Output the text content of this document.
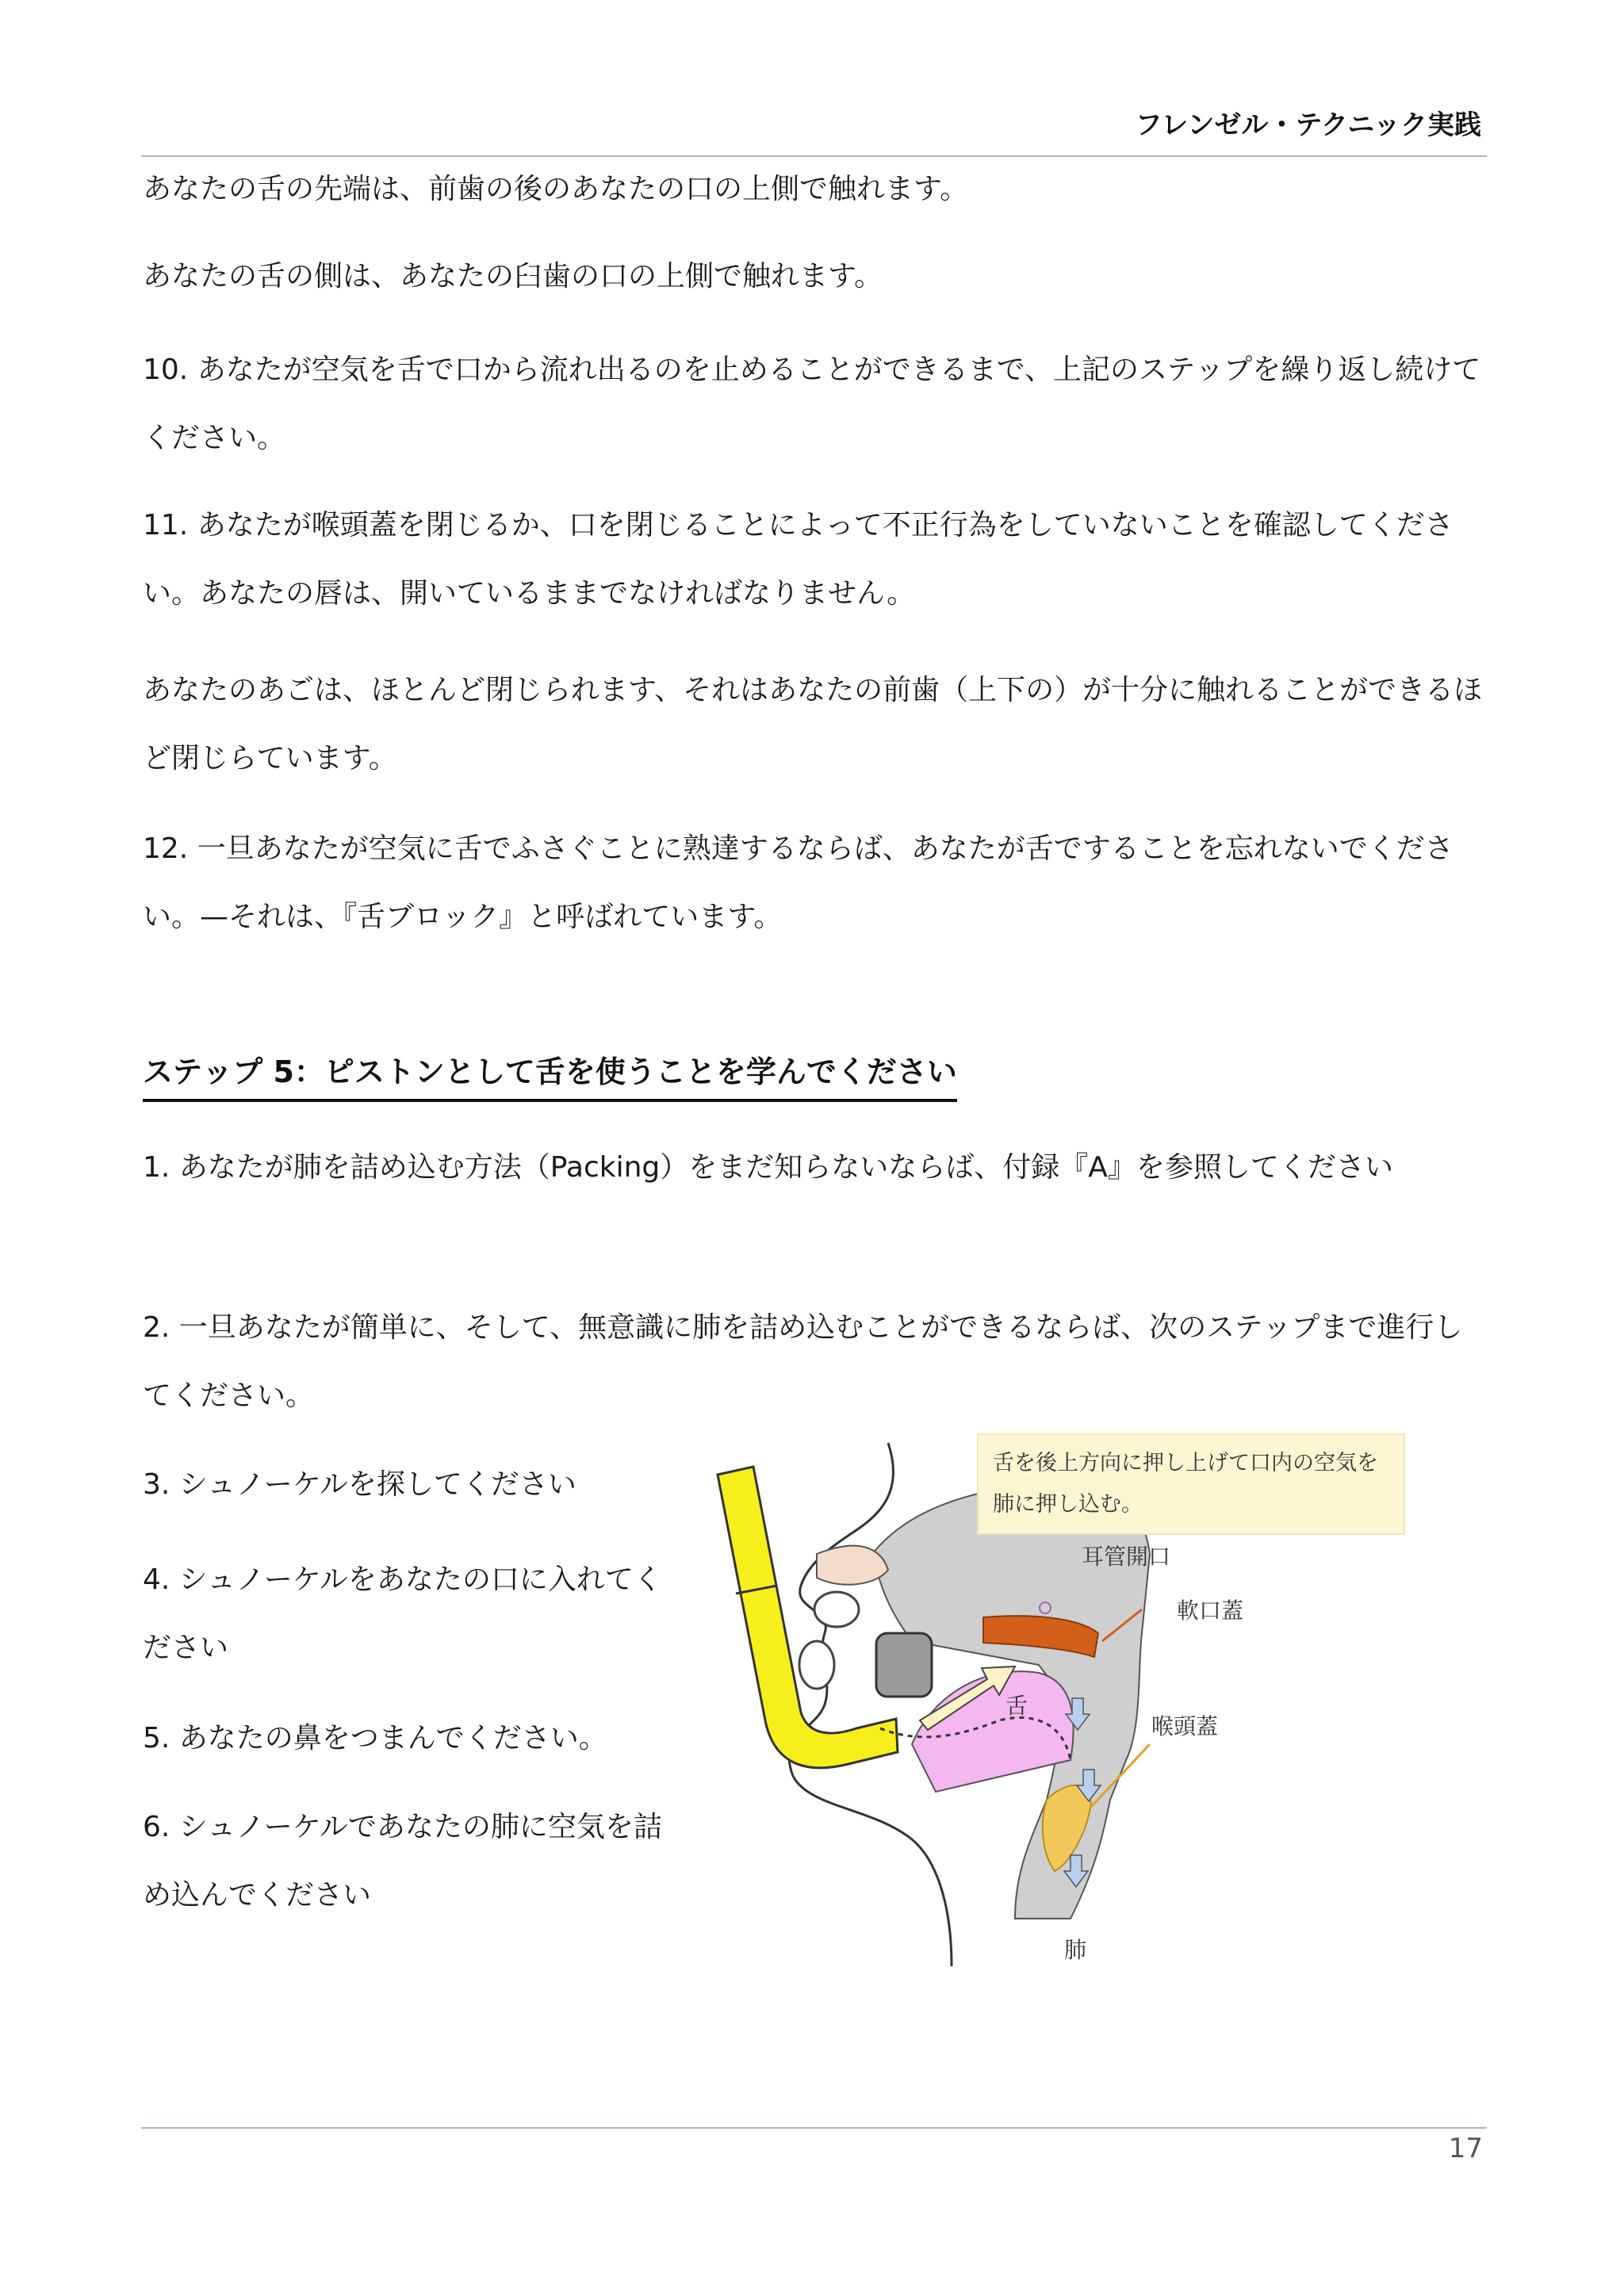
フレンゼル・テクニック実践

あなたの舌の先端は、前歯の後のあなたの口の上側で触れます。

あなたの舌の側は、あなたの臼歯の口の上側で触れます。

10. あなたが空気を舌で口から流れ出るのを止めることができるまで、上記のステップを繰り返し続けてください。

11. あなたが喉頭蓋を閉じるか、口を閉じることによって不正行為をしていないことを確認してください。あなたの唇は、開いているままでなければなりません。

あなたのあごは、ほとんど閉じられます、それはあなたの前歯（上下の）が十分に触れることができるほど閉じらています。

12. 一旦あなたが空気に舌でふさぐことに熟達するならば、あなたが舌ですることを忘れないでください。—それは、『舌ブロック』と呼ばれています。

ステップ 5：ピストンとして舌を使うことを学んでください

1. あなたが肺を詰め込む方法（Packing）をまだ知らないならば、付録『A』を参照してください

2. 一旦あなたが簡単に、そして、無意識に肺を詰め込むことができるならば、次のステップまで進行してください。

3. シュノーケルを探してください

4. シュノーケルをあなたの口に入れてください

5. あなたの鼻をつまんでください。

6. シュノーケルであなたの肺に空気を詰め込んでください

舌を後上方向に押し上げて口内の空気を肺に押し込む。
耳管開口
軟口蓋
舌
喉頭蓋
肺
17
